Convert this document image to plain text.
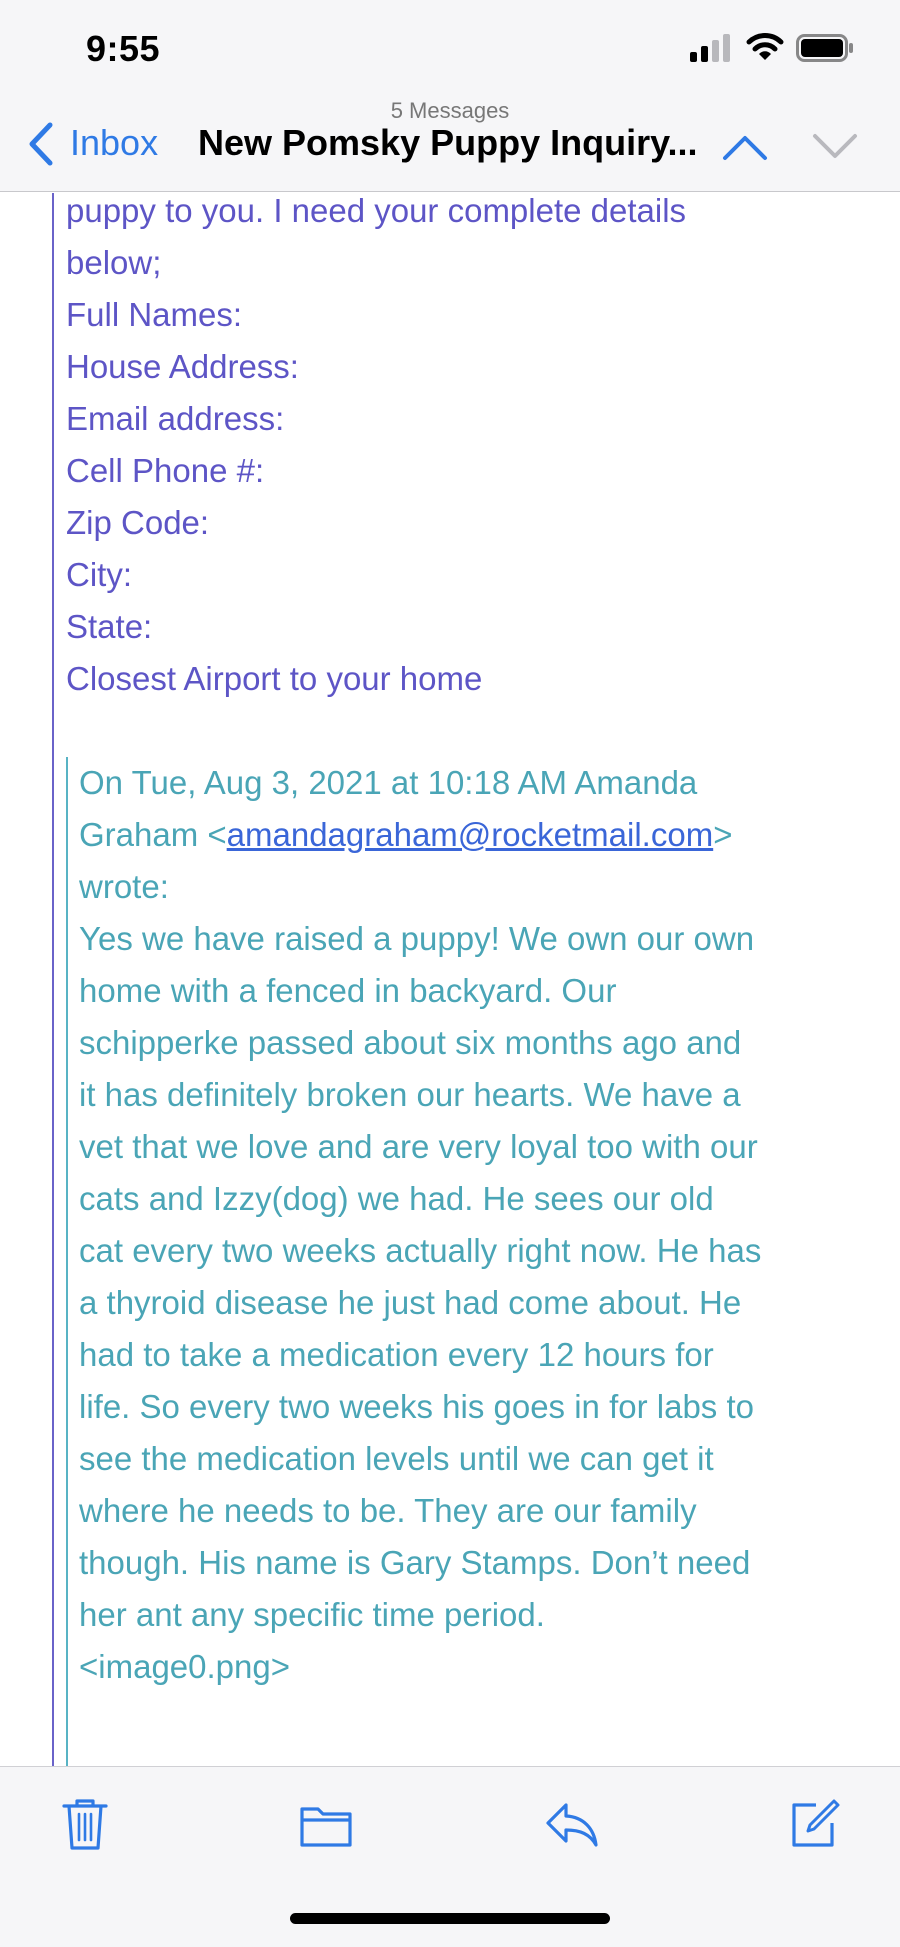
9:55
5 Messages
Inbox New Pomsky Puppy Inquiry...
puppy to you. I need your complete details
below;
Full Names:
House Address:
Email address:
Cell Phone #:
Zip Code:
City:
State:
Closest Airport to your home
On Tue, Aug 3, 2021 at 10:18 AM Amanda
Graham <amandagraham@rocketmail.com>
wrote:
Yes we have raised a puppy! We own our own
home with a fenced in backyard. Our
schipperke passed about six months ago and
it has definitely broken our hearts. We have a
vet that we love and are very loyal too with our
cats and Izzy(dog) we had. He sees our old
cat every two weeks actually right now. He has
a thyroid disease he just had come about. He
had to take a medication every 12 hours for
life. So every two weeks his goes in for labs to
see the medication levels until we can get it
where he needs to be. They are our family
though. His name is Gary Stamps. Don’t need
her ant any specific time period.
<image0.png>
